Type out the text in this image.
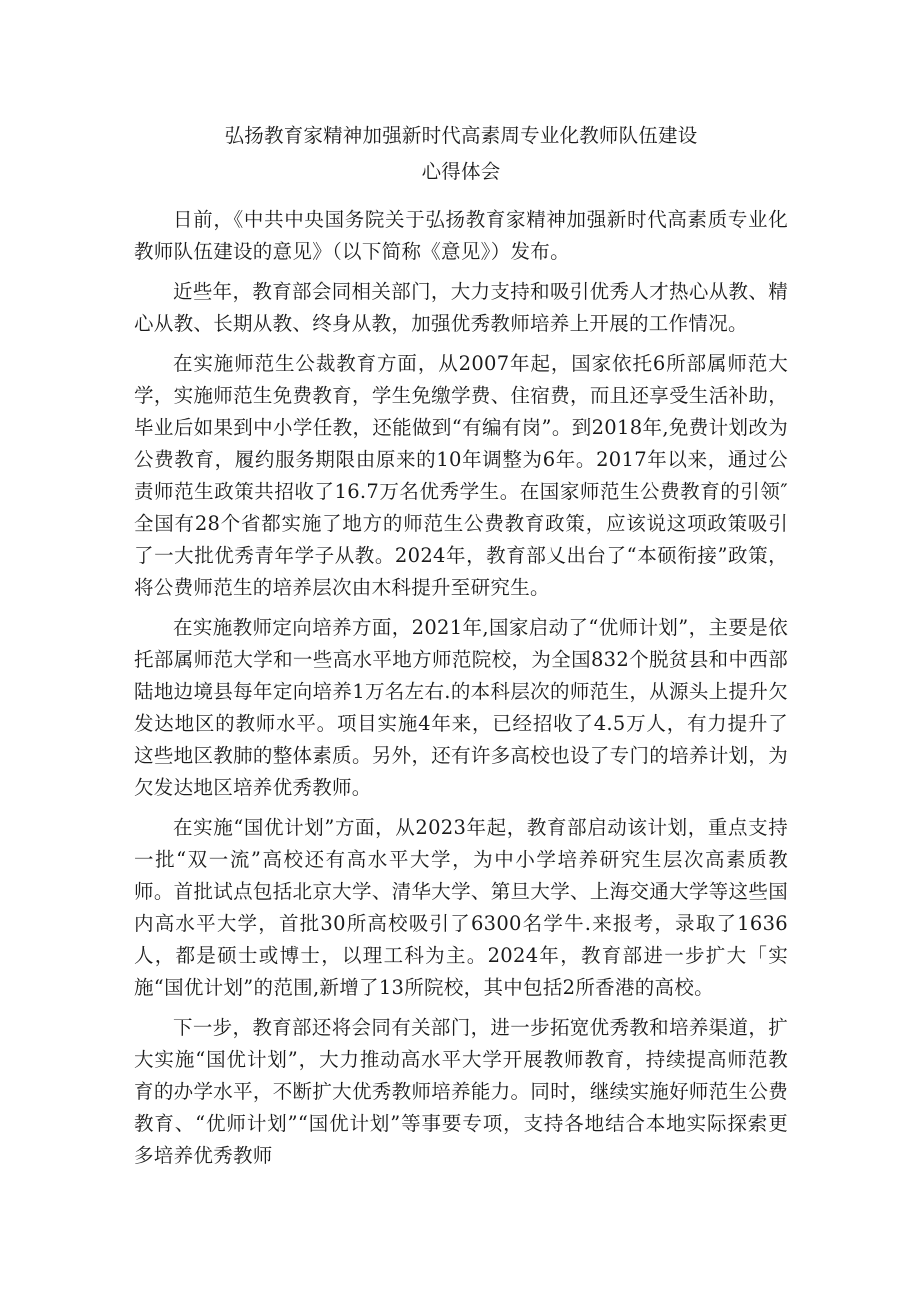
弘扬教育家精神加强新时代高素周专业化教师队伍建设
心得体会

日前，《中共中央国务院关于弘扬教育家精神加强新时代高素质专业化教师队伍建设的意见》（以下简称《意见》）发布。

近些年，教育部会同相关部门，大力支持和吸引优秀人才热心从教、精心从教、长期从教、终身从教，加强优秀教师培养上开展的工作情况。

在实施师范生公裁教育方面，从2007年起，国家依托6所部属师范大学，实施师范生免费教育，学生免缴学费、住宿费，而且还享受生活补助，毕业后如果到中小学任教，还能做到“有编有岗”。到2018年,免费计划改为公费教育，履约服务期限由原来的10年调整为6年。2017年以来，通过公责师范生政策共招收了16.7万名优秀学生。在国家师范生公费教育的引领″全国有28个省都实施了地方的师范生公费教育政策，应该说这项政策吸引了一大批优秀青年学子从教。2024年，教育部乂出台了“本硕衔接”政策，将公费师范生的培养层次由木科提升至研究生。

在实施教师定向培养方面，2021年,国家启动了“优师计划”，主要是依托部属师范大学和一些高水平地方师范院校，为全国832个脱贫县和中西部陆地边境县每年定向培养1万名左右.的本科层次的师范生，从源头上提升欠发达地区的教师水平。项目实施4年来，已经招收了4.5万人，有力提升了这些地区教肺的整体素质。另外，还有许多高校也设了专门的培养计划，为欠发达地区培养优秀教师。

在实施“国优计划”方面，从2023年起，教育部启动该计划，重点支持一批“双一流”高校还有高水平大学，为中小学培养研究生层次高素质教师。首批试点包括北京大学、清华大学、第旦大学、上海交通大学等这些国内高水平大学，首批30所高校吸引了6300名学牛.来报考，录取了1636人，都是硕士或博士，以理工科为主。2024年，教育部进一步扩大「实施“国优计划”的范围,新增了13所院校，其中包括2所香港的高校。

下一步，教育部还将会同有关部门，进一步拓宽优秀教和培养渠道，扩大实施“国优计划”，大力推动高水平大学开展教师教育，持续提高师范教育的办学水平，不断扩大优秀教师培养能力。同时，继续实施好师范生公费教育、“优师计划”“国优计划”等事要专项，支持各地结合本地实际探索更多培养优秀教师
